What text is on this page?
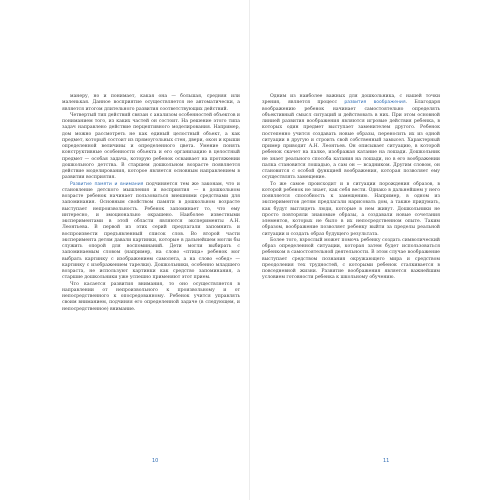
манеру, но и понимает, какая она — большая, средняя или маленькая. Данное восприятие осуществляется не автоматически, а является итогом длительного развития соответствующих действий.

Четвертый тип действий связан с анализом особенностей объектов и пониманием того, из каких частей он состоит. На решение этого типа задач направлено действие перцептивного моделирования. Например, дом можно рассмотреть не как единый целостный объект, а как предмет, который состоит из прямоугольных стен, двери, окон и крыши определенной величины и определенного цвета. Умение понять конструктивные особенности объекта и его организацию в целостный предмет — особая задача, которую ребенок осваивает на протяжении дошкольного детства. В старшем дошкольном возрасте появляется действие моделирования, которое является основным направлением в развитии восприятия.

Развитие памяти и внимания подчиняется тем же законам, что и становление детского мышления и восприятия — в дошкольном возрасте ребенок начинает пользоваться внешними средствами для запоминания. Основным свойством памяти в дошкольном возрасте выступает непроизвольность. Ребенок запоминает то, что ему интересно, и эмоционально окрашено. Наиболее известными экспериментами в этой области являются эксперименты А.Н. Леонтьева. В первой из этих серий предлагали запомнить и воспроизвести предъявленный список слов. Во второй части эксперимента детям давали картинки, которые в дальнейшем могли бы служить опорой для воспоминаний. Дети могли выбирать с запоминаемым словом (например, на слово «птица» ребенок мог выбрать картинку с изображением самолета, а на слово «обед» — картинку с изображением тарелки). Дошкольники, особенно младшего возраста, не используют картинки как средство запоминания, а старшие дошкольники уже успешно применяют этот прием.

Что касается развития внимания, то оно осуществляется в направлении от непроизвольного к произвольному и от непосредственного к опосредованному. Ребенок учится управлять своим вниманием, подчиняя его определенной задаче (в следующем, и непосредственное) внимание.

10

Одним из наиболее важных для дошкольника, с нашей точки зрения, является процесс развития воображения. Благодаря воображению ребенок начинает самостоятельно определять объективный смысл ситуаций и действовать в них. При этом основной линией развития воображения являются игровые действия ребенка, в которых один предмет выступает заменителем другого. Ребенок постепенно учится создавать новые образы, переносить их из одной ситуации в другую и строить свой собственный замысел. Характерный пример приводит А.Н. Леонтьев. Он описывает ситуацию, в которой ребенок скачет на палке, изображая катание на лошади. Дошкольник не знает реального способа катания на лошади, но в его воображении палка становится лошадью, а сам он — всадником. Другим словом, он становится с особой функцией воображения, которая позволяет ему осуществлять замещение.

То же самое происходит и в ситуации порождения образов, в которой ребенок не знает, как себя вести. Однако в дальнейшем у него появляется способность к замещению. Например, в одном из экспериментов детям предлагали нарисовать дом, а также придумать, как будут выглядеть люди, которые в нем живут. Дошкольники не просто повторяли знакомые образы, а создавали новые сочетания элементов, которых не было в их непосредственном опыте. Таким образом, воображение позволяет ребенку выйти за пределы реальной ситуации и создать образ будущего результата.

Более того, взрослый может помочь ребенку создать символический образ определенной ситуации, которая затем будет использоваться ребенком в самостоятельной деятельности. В этом случае воображение выступает средством познания окружающего мира и средством преодоления тех трудностей, с которыми ребенок сталкивается в повседневной жизни. Развитие воображения является важнейшим условием готовности ребенка к школьному обучению.

11
